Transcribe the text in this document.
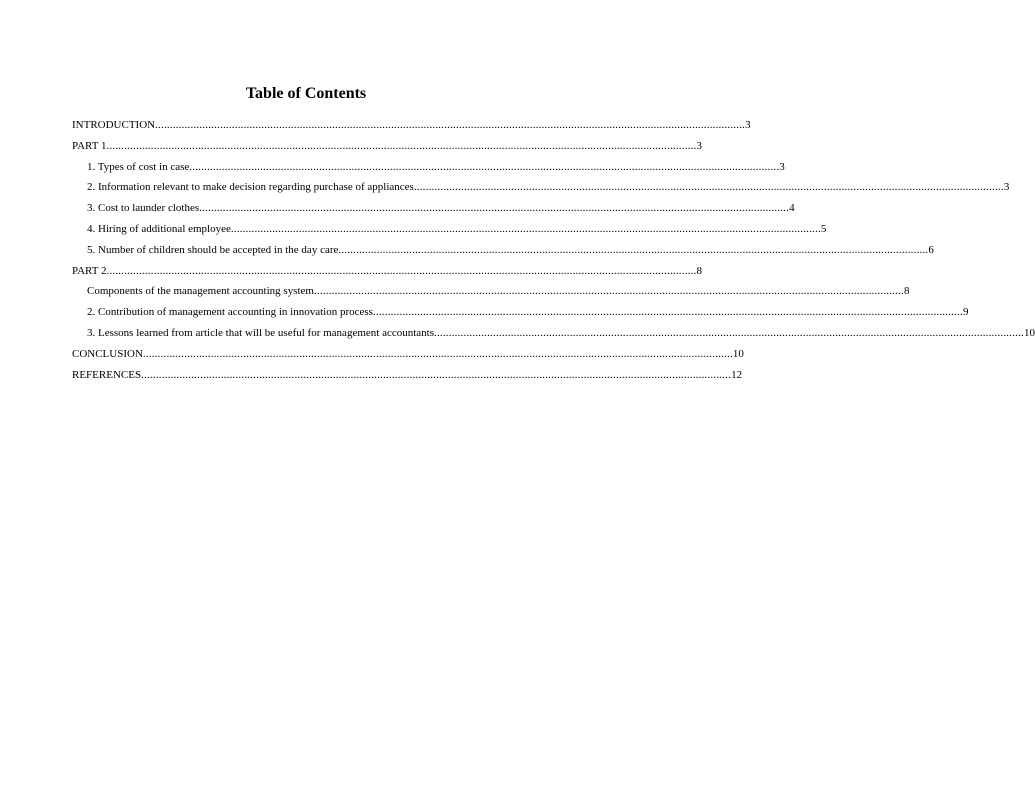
Table of Contents
INTRODUCTION ........................................................................................................................................................................................................ 3
PART 1 ........................................................................................................................................................................................................ 3
1. Types of cost in case ........................................................................................................................................................................................................ 3
2. Information relevant to make decision regarding purchase of appliances ........................................................................................................................................................................................................ 3
3. Cost to launder clothes ........................................................................................................................................................................................................ 4
4. Hiring of additional employee ........................................................................................................................................................................................................ 5
5. Number of children should be accepted in the day care ........................................................................................................................................................................................................ 6
PART 2 ........................................................................................................................................................................................................ 8
Components of the management accounting system ........................................................................................................................................................................................................ 8
2. Contribution of management accounting in innovation process ........................................................................................................................................................................................................ 9
3. Lessons learned from article that will be useful for management accountants ........................................................................................................................................................................................................ 10
CONCLUSION ........................................................................................................................................................................................................ 10
REFERENCES ........................................................................................................................................................................................................ 12
